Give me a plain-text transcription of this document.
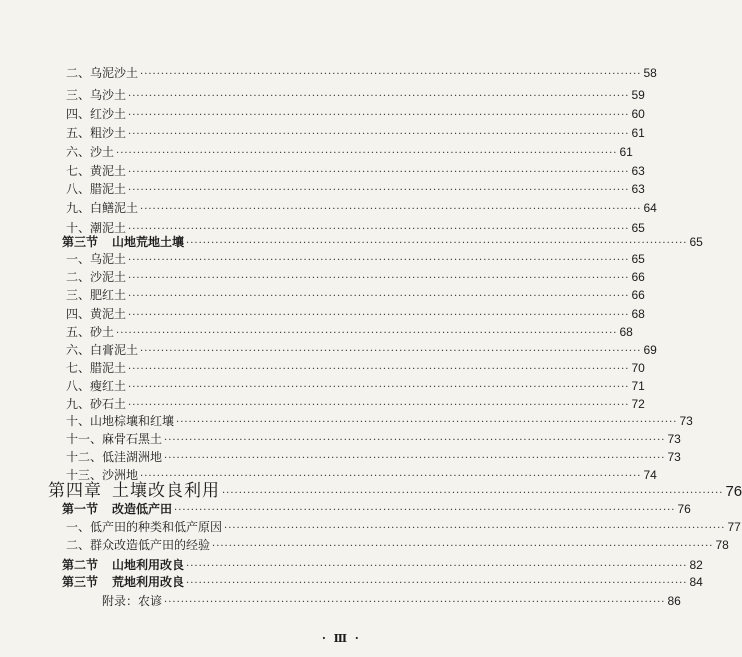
二、乌泥沙土 ························································································································ 58
三、乌沙土 ························································································································ 59
四、红沙土 ························································································································ 60
五、粗沙土 ························································································································ 61
六、沙土 ························································································································ 61
七、黄泥土 ························································································································ 63
八、腊泥土 ························································································································ 63
九、白鳝泥土 ························································································································ 64
十、潮泥土 ························································································································ 65
第三节 山地荒地土壤 ························································································································ 65
一、乌泥土 ························································································································ 65
二、沙泥土 ························································································································ 66
三、肥红土 ························································································································ 66
四、黄泥土 ························································································································ 68
五、砂土 ························································································································ 68
六、白膏泥土 ························································································································ 69
七、腊泥土 ························································································································ 70
八、瘦红土 ························································································································ 71
九、砂石土 ························································································································ 72
十、山地棕壤和红壤 ························································································································ 73
十一、麻骨石黑土 ························································································································ 73
十二、低洼湖洲地 ························································································································ 73
十三、沙洲地 ························································································································ 74
第四章 土壤改良利用 ························································································································ 76
第一节 改造低产田 ························································································································ 76
一、低产田的种类和低产原因 ························································································································ 77
二、群众改造低产田的经验 ························································································································ 78
第二节 山地利用改良 ························································································································ 82
第三节 荒地利用改良 ························································································································ 84
附录：农谚 ························································································································ 86
· Ⅲ ·
